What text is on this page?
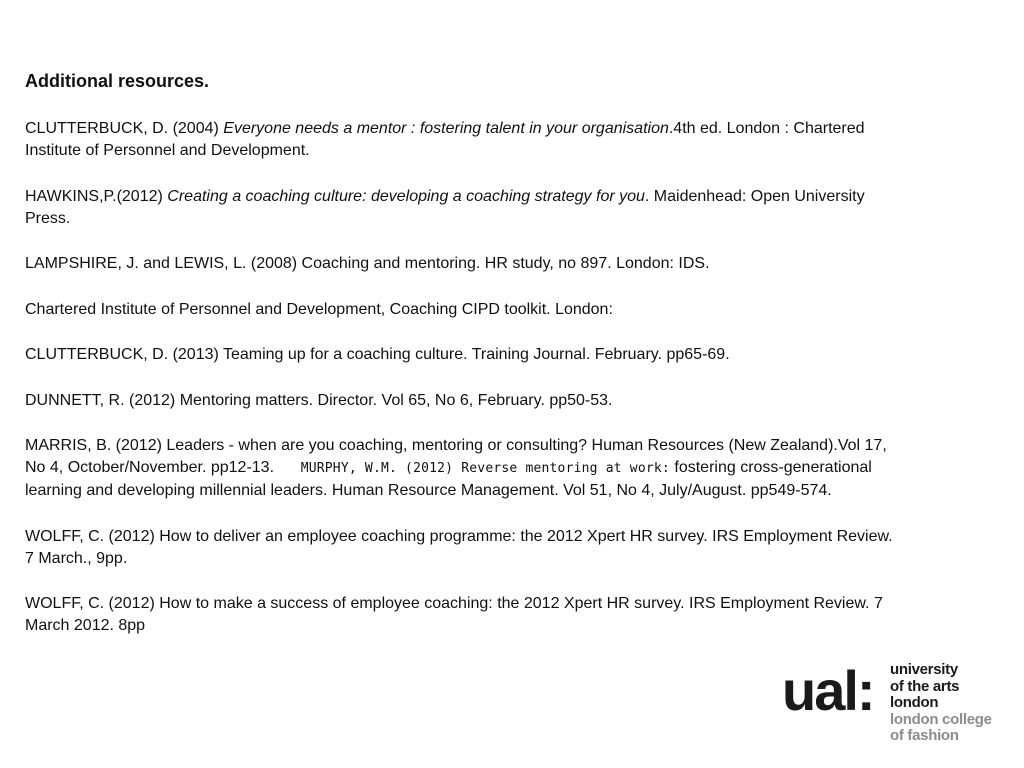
Additional resources.

CLUTTERBUCK, D. (2004) Everyone needs a mentor : fostering talent in your organisation.4th ed. London : Chartered Institute of Personnel and Development.

HAWKINS,P.(2012) Creating a coaching culture: developing a coaching strategy for you. Maidenhead: Open University Press.

LAMPSHIRE, J. and LEWIS, L. (2008) Coaching and mentoring. HR study, no 897. London: IDS.

Chartered Institute of Personnel and Development, Coaching CIPD toolkit. London:

CLUTTERBUCK, D. (2013) Teaming up for a coaching culture. Training Journal. February. pp65-69.

DUNNETT, R. (2012) Mentoring matters. Director. Vol 65, No 6, February. pp50-53.

MARRIS, B. (2012) Leaders - when are you coaching, mentoring or consulting? Human Resources (New Zealand).Vol 17, No 4, October/November. pp12-13. MURPHY, W.M. (2012) Reverse mentoring at work: fostering cross-generational learning and developing millennial leaders. Human Resource Management. Vol 51, No 4, July/August. pp549-574.

WOLFF, C. (2012) How to deliver an employee coaching programme: the 2012 Xpert HR survey. IRS Employment Review. 7 March., 9pp.

WOLFF, C. (2012) How to make a success of employee coaching: the 2012 Xpert HR survey. IRS Employment Review. 7 March 2012. 8pp

ual: university
of the arts
london
london college
of fashion
